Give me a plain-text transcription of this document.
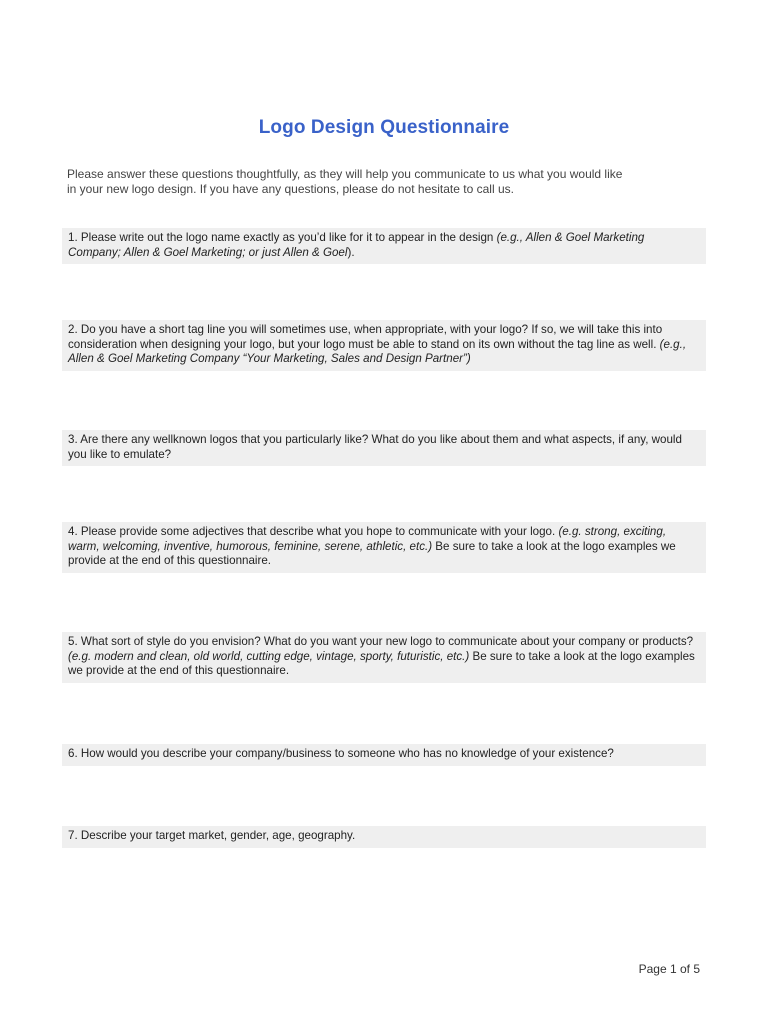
Logo Design Questionnaire
Please answer these questions thoughtfully, as they will help you communicate to us what you would like
in your new logo design. If you have any questions, please do not hesitate to call us.
1. Please write out the logo name exactly as you’d like for it to appear in the design (e.g., Allen & Goel Marketing Company; Allen & Goel Marketing; or just Allen & Goel).
2. Do you have a short tag line you will sometimes use, when appropriate, with your logo? If so, we will take this into consideration when designing your logo, but your logo must be able to stand on its own without the tag line as well. (e.g., Allen & Goel Marketing Company “Your Marketing, Sales and Design Partner”)
3. Are there any wellknown logos that you particularly like? What do you like about them and what aspects, if any, would you like to emulate?
4. Please provide some adjectives that describe what you hope to communicate with your logo. (e.g. strong, exciting, warm, welcoming, inventive, humorous, feminine, serene, athletic, etc.) Be sure to take a look at the logo examples we provide at the end of this questionnaire.
5. What sort of style do you envision? What do you want your new logo to communicate about your company or products? (e.g. modern and clean, old world, cutting edge, vintage, sporty, futuristic, etc.) Be sure to take a look at the logo examples we provide at the end of this questionnaire.
6. How would you describe your company/business to someone who has no knowledge of your existence?
7. Describe your target market, gender, age, geography.
Page 1 of 5
